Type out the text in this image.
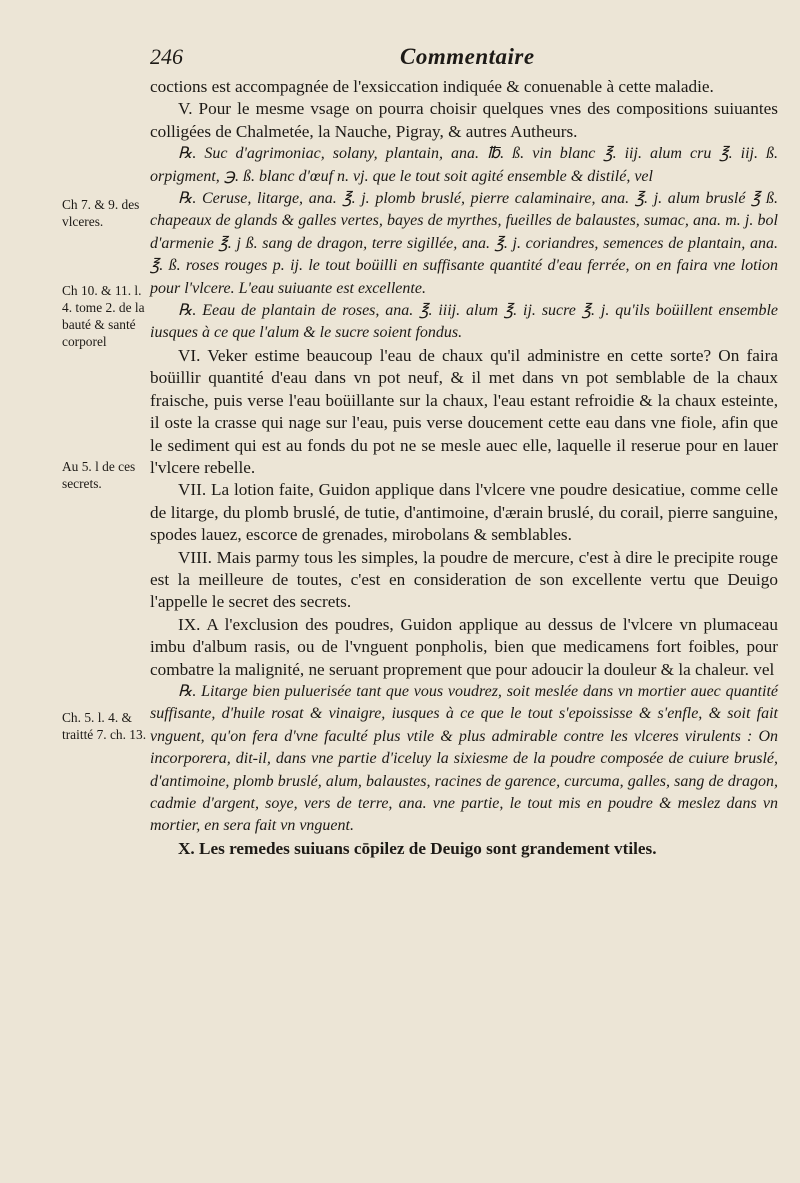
246	Commentaire

coctions est accompagnée de l'exsiccation indiquée & conuenable à cette maladie.

V. Pour le mesme vsage on pourra choisir quelques vnes des compositions suiuantes colligées de Chalmetée, la Nauche, Pigray, & autres Autheurs.

℞. Suc d'agrimoniac, solany, plantain, ana. ℔. ß. vin blanc ℥. iij. alum cru ℥. iij. ß. orpigment, ℈. ß. blanc d'œuf n. vj. que le tout soit agité ensemble & distilé, vel

℞. Ceruse, litarge, ana. ℥. j. plomb bruslé, pierre calaminaire, ana. ℥. j. alum bruslé ℥ ß. chapeaux de glands & galles vertes, bayes de myrthes, fueilles de balaustes, sumac, ana. m. j. bol d'armenie ℥. j ß. sang de dragon, terre sigillée, ana. ℥. j. coriandres, semences de plantain, ana. ℥. ß. roses rouges p. ij. le tout boüilli en suffisante quantité d'eau ferrée, on en faira vne lotion pour l'vlcere. L'eau suiuante est excellente.

℞. Eeau de plantain de roses, ana. ℥. iiij. alum ℥. ij. sucre ℥. j. qu'ils boüillent ensemble iusques à ce que l'alum & le sucre soient fondus.

VI. Veker estime beaucoup l'eau de chaux qu'il administre en cette sorte? On faira boüillir quantité d'eau dans vn pot neuf, & il met dans vn pot semblable de la chaux fraische, puis verse l'eau boüillante sur la chaux, l'eau estant refroidie & la chaux esteinte, il oste la crasse qui nage sur l'eau, puis verse doucement cette eau dans vne fiole, afin que le sediment qui est au fonds du pot ne se mesle auec elle, laquelle il reserue pour en lauer l'vlcere rebelle.

VII. La lotion faite, Guidon applique dans l'vlcere vne poudre desicatiue, comme celle de litarge, du plomb bruslé, de tutie, d'antimoine, d'ærain bruslé, du corail, pierre sanguine, spodes lauez, escorce de grenades, mirobolans & semblables.

VIII. Mais parmy tous les simples, la poudre de mercure, c'est à dire le precipite rouge est la meilleure de toutes, c'est en consideration de son excellente vertu que Deuigo l'appelle le secret des secrets.

IX. A l'exclusion des poudres, Guidon applique au dessus de l'vlcere vn plumaceau imbu d'album rasis, ou de l'vnguent ponpholis, bien que medicamens fort foibles, pour combatre la malignité, ne seruant proprement que pour adoucir la douleur & la chaleur. vel

℞. Litarge bien puluerisée tant que vous voudrez, soit meslée dans vn mortier auec quantité suffisante, d'huile rosat & vinaigre, iusques à ce que le tout s'epoississe & s'enfle, & soit fait vnguent, qu'on fera d'vne faculté plus vtile & plus admirable contre les vlceres virulents : On incorporera, dit-il, dans vne partie d'iceluy la sixiesme de la poudre composée de cuiure bruslé, d'antimoine, plomb bruslé, alum, balaustes, racines de garence, curcuma, galles, sang de dragon, cadmie d'argent, soye, vers de terre, ana. vne partie, le tout mis en poudre & meslez dans vn mortier, en sera fait vn vnguent.

X. Les remedes suiuans cōpilez de Deuigo sont grandement vtiles.

Ch 7. & 9. des vlceres.

Ch 10. & 11. l. 4. tome 2. de la bauté & santé corporel

Au 5. l de ces secrets.

Ch. 5. l. 4. & traitté 7. ch. 13.
